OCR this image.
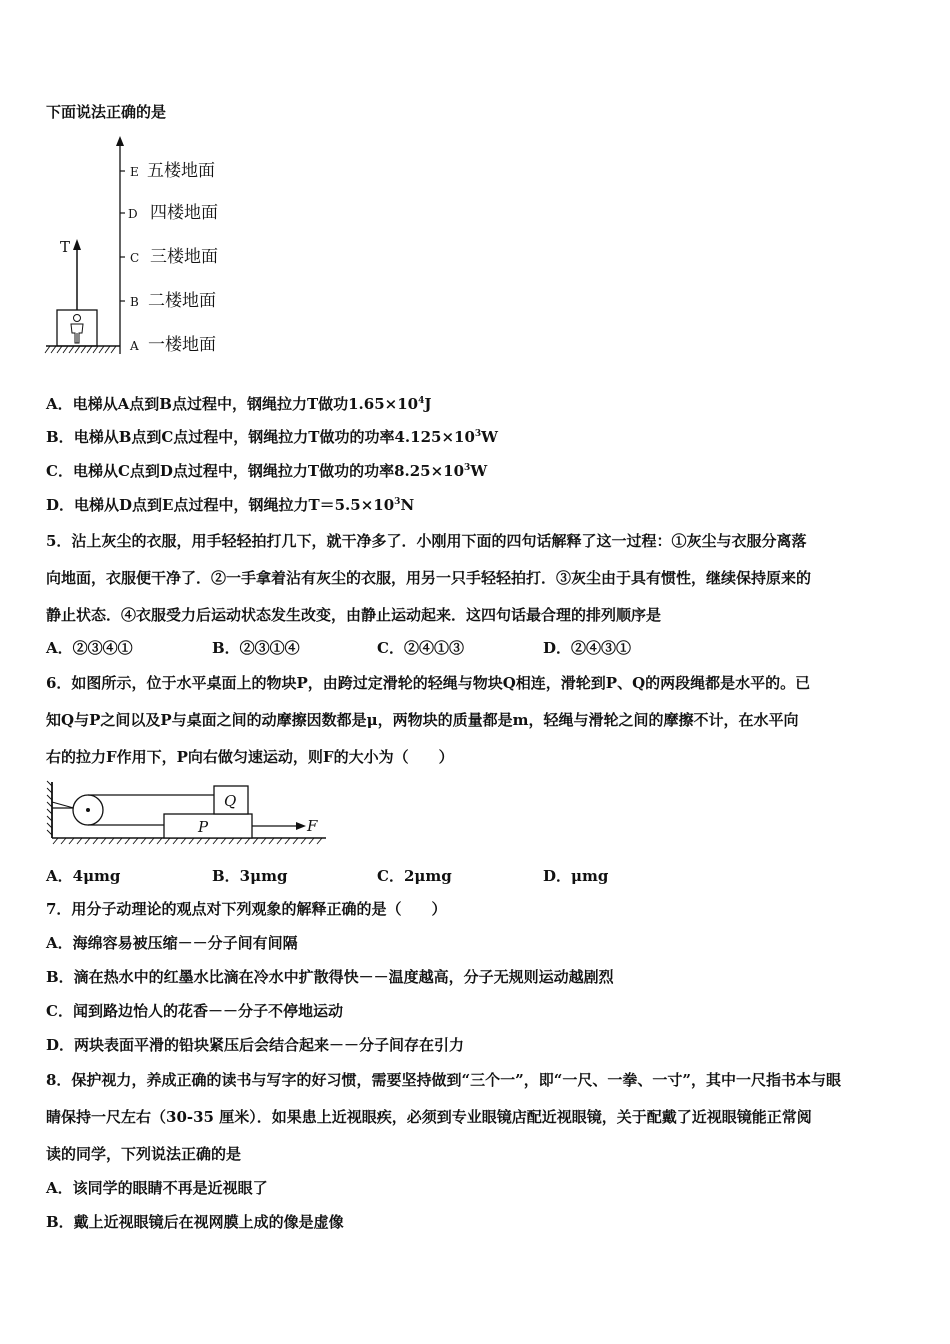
下面说法正确的是
T
E 五楼地面
D 四楼地面
C 三楼地面
B 二楼地面
A 一楼地面
A．电梯从A点到B点过程中，钢绳拉力T做功$1.65\times 10^4J$
B．电梯从B点到C点过程中，钢绳拉力T做功的功率$4.125\times 10^3W$
C．电梯从C点到D点过程中，钢绳拉力T做功的功率$8.25\times 10^3W$
D．电梯从D点到E点过程中，钢绳拉力$T=5.5\times 10^3N$
5．沾上灰尘的衣服，用手轻轻拍打几下，就干净多了．小刚用下面的四句话解释了这一过程：①灰尘与衣服分离落
向地面，衣服便干净了．②一手拿着沾有灰尘的衣服，用另一只手轻轻拍打．③灰尘由于具有惯性，继续保持原来的
静止状态．④衣服受力后运动状态发生改变，由静止运动起来．这四句话最合理的排列顺序是
A．②③④①	B．②③①④	C．②④①③	D．②④③①
6．如图所示，位于水平桌面上的物块P，由跨过定滑轮的轻绳与物块Q相连，滑轮到P、Q的两段绳都是水平的。已
知Q与P之间以及P与桌面之间的动摩擦因数都是μ，两物块的质量都是m，轻绳与滑轮之间的摩擦不计，在水平向
右的拉力F作用下，P向右做匀速运动，则F的大小为（　　）
P
Q
F
A．4μmg	B．3μmg	C．2μmg	D．μmg
7．用分子动理论的观点对下列观象的解释正确的是（　　）
A．海绵容易被压缩－－分子间有间隔
B．滴在热水中的红墨水比滴在冷水中扩散得快－－温度越高，分子无规则运动越剧烈
C．闻到路边怡人的花香－－分子不停地运动
D．两块表面平滑的铅块紧压后会结合起来－－分子间存在引力
8．保护视力，养成正确的读书与写字的好习惯，需要坚持做到“三个一”，即“一尺、一拳、一寸”，其中一尺指书本与眼
睛保持一尺左右（30-35 厘米）．如果患上近视眼疾，必须到专业眼镜店配近视眼镜，关于配戴了近视眼镜能正常阅
读的同学，下列说法正确的是
A．该同学的眼睛不再是近视眼了
B．戴上近视眼镜后在视网膜上成的像是虚像
